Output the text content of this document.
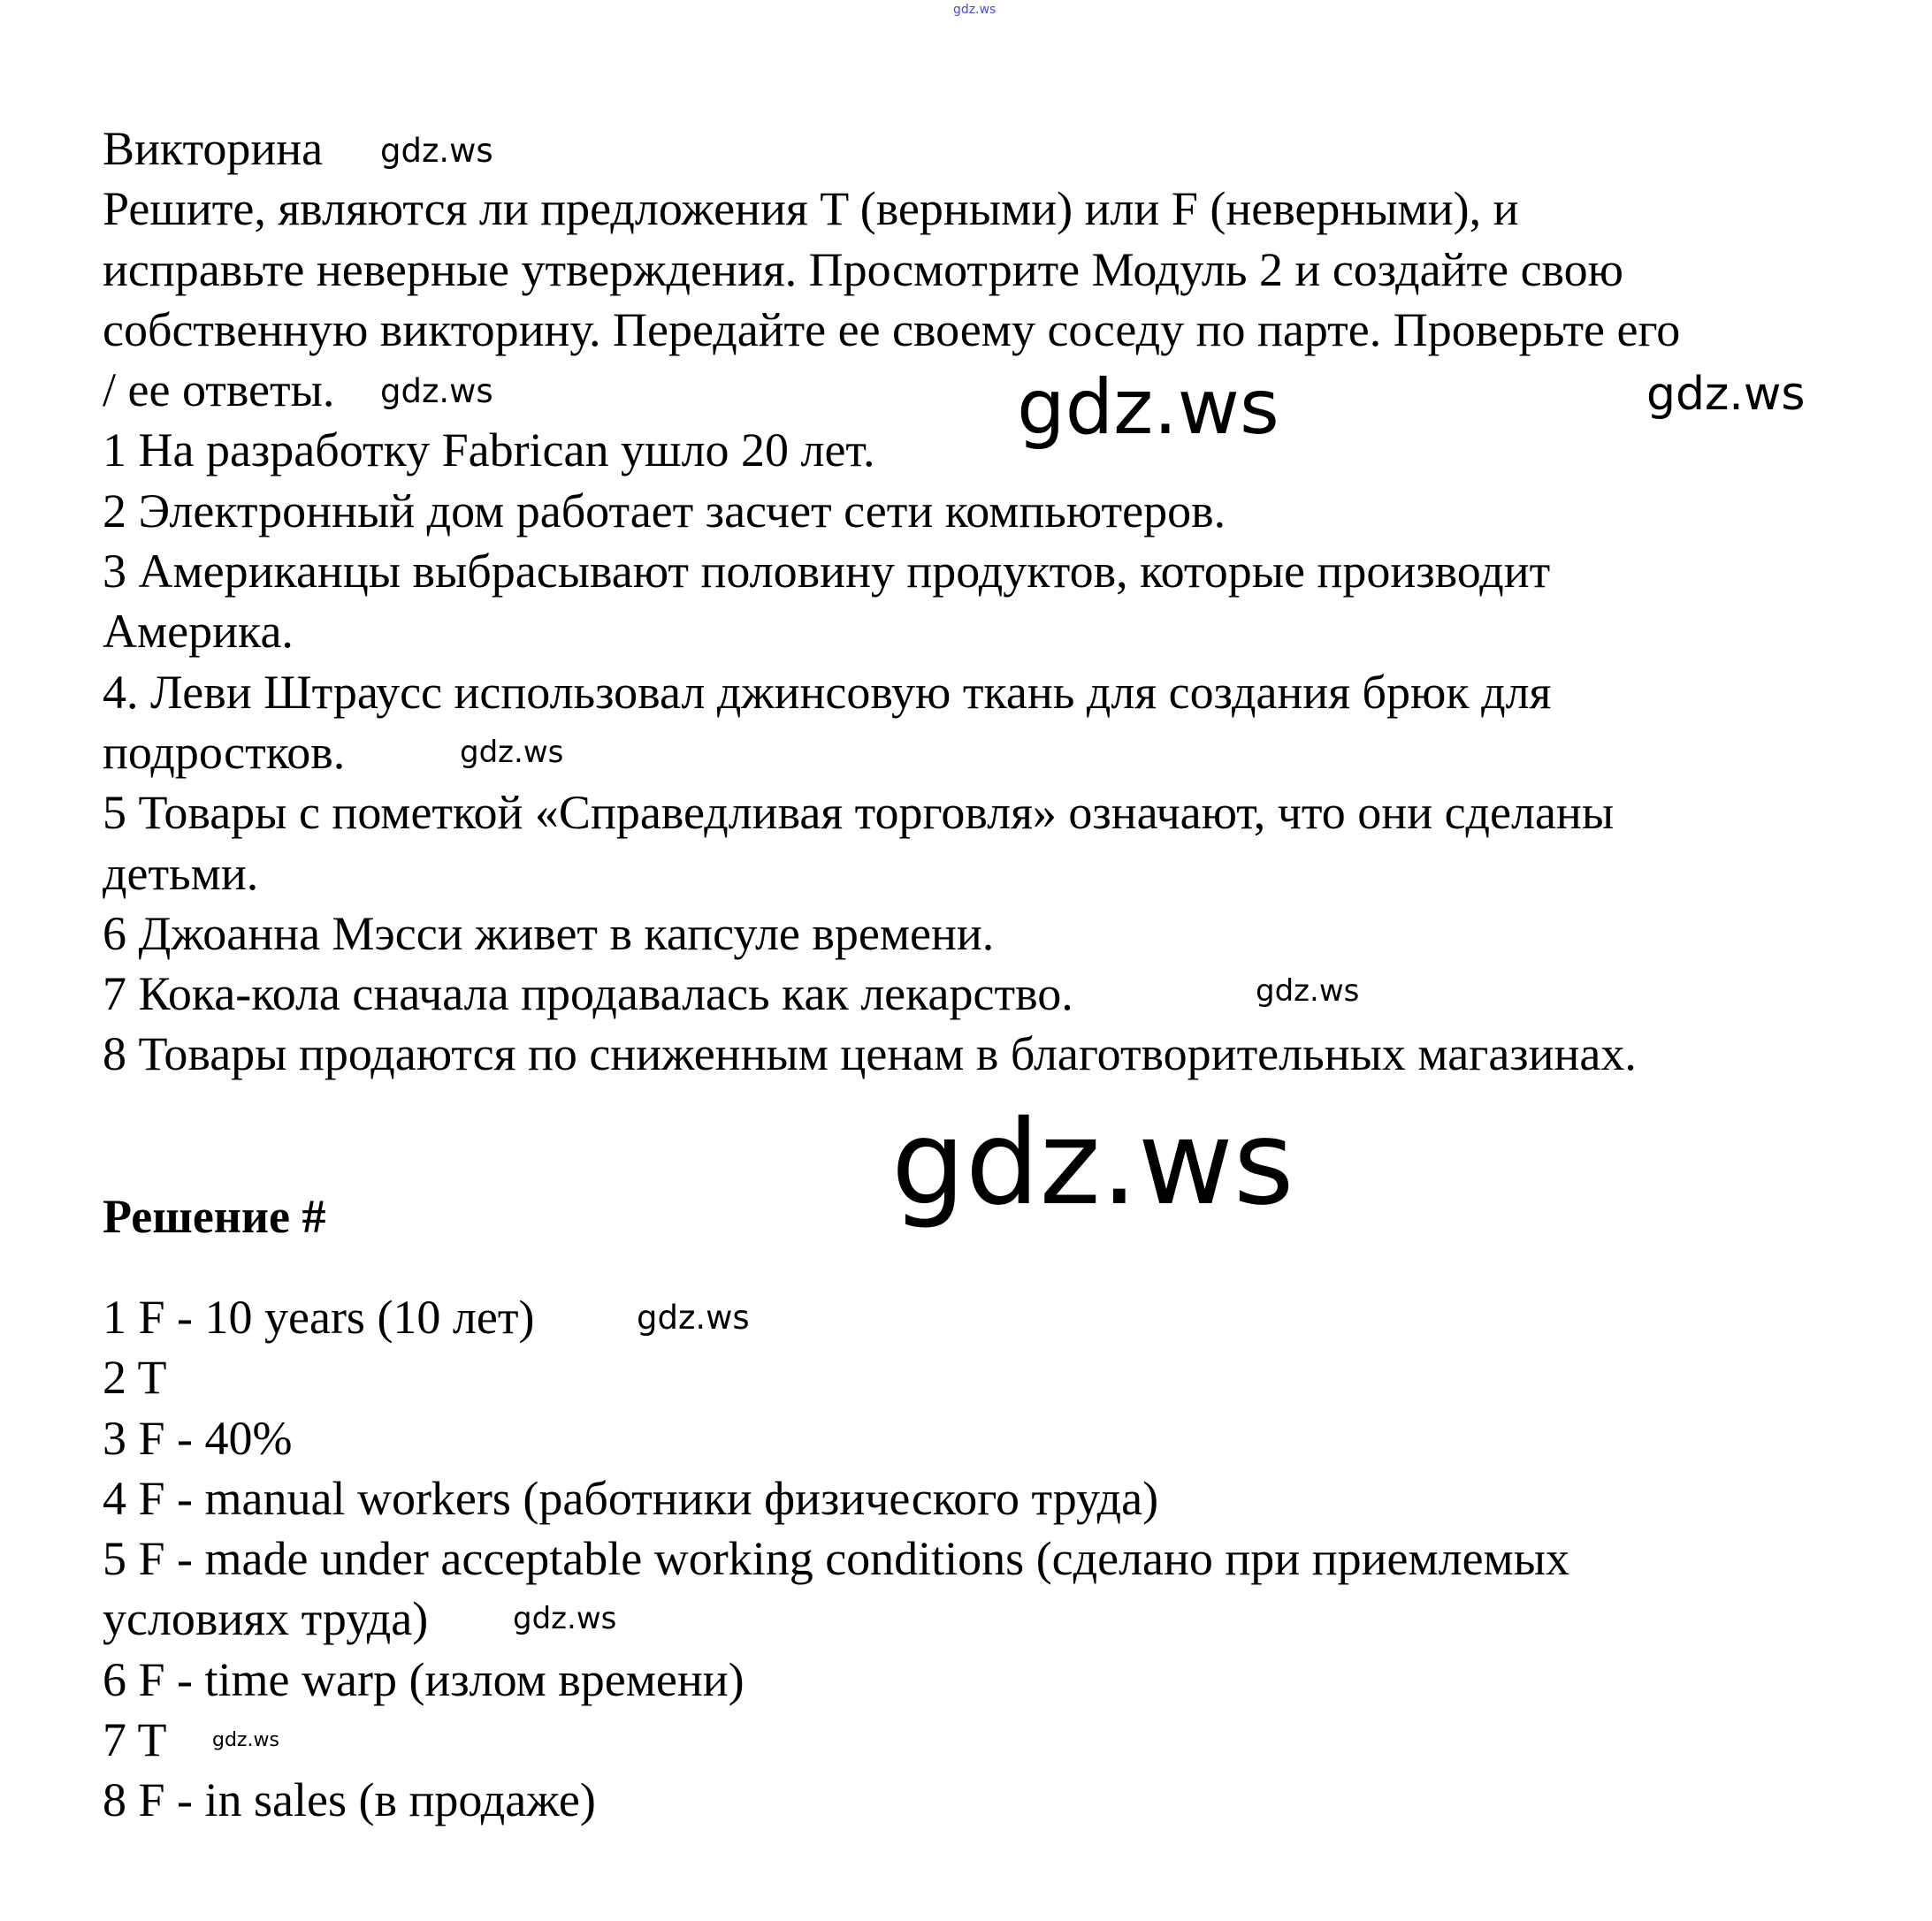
Викторина
Решите, являются ли предложения T (верными) или F (неверными), и
исправьте неверные утверждения. Просмотрите Модуль 2 и создайте свою
собственную викторину. Передайте ее своему соседу по парте. Проверьте его
/ ее ответы.
1 На разработку Fabrican ушло 20 лет.
2 Электронный дом работает засчет сети компьютеров.
3 Американцы выбрасывают половину продуктов, которые производит
Америка.
4. Леви Штраусс использовал джинсовую ткань для создания брюк для
подростков.
5 Товары с пометкой «Справедливая торговля» означают, что они сделаны
детьми.
6 Джоанна Мэсси живет в капсуле времени.
7 Кока-кола сначала продавалась как лекарство.
8 Товары продаются по сниженным ценам в благотворительных магазинах.
Решение #
1 F - 10 years (10 лет)
2 T
3 F - 40%
4 F - manual workers (работники физического труда)
5 F - made under acceptable working conditions (сделано при приемлемых
условиях труда)
6 F - time warp (излом времени)
7 T
8 F - in sales (в продаже)
gdz.ws
gdz.ws
gdz.ws	gdz.ws	gdz.ws
gdz.ws
gdz.ws
gdz.ws
gdz.ws
gdz.ws
gdz.ws
